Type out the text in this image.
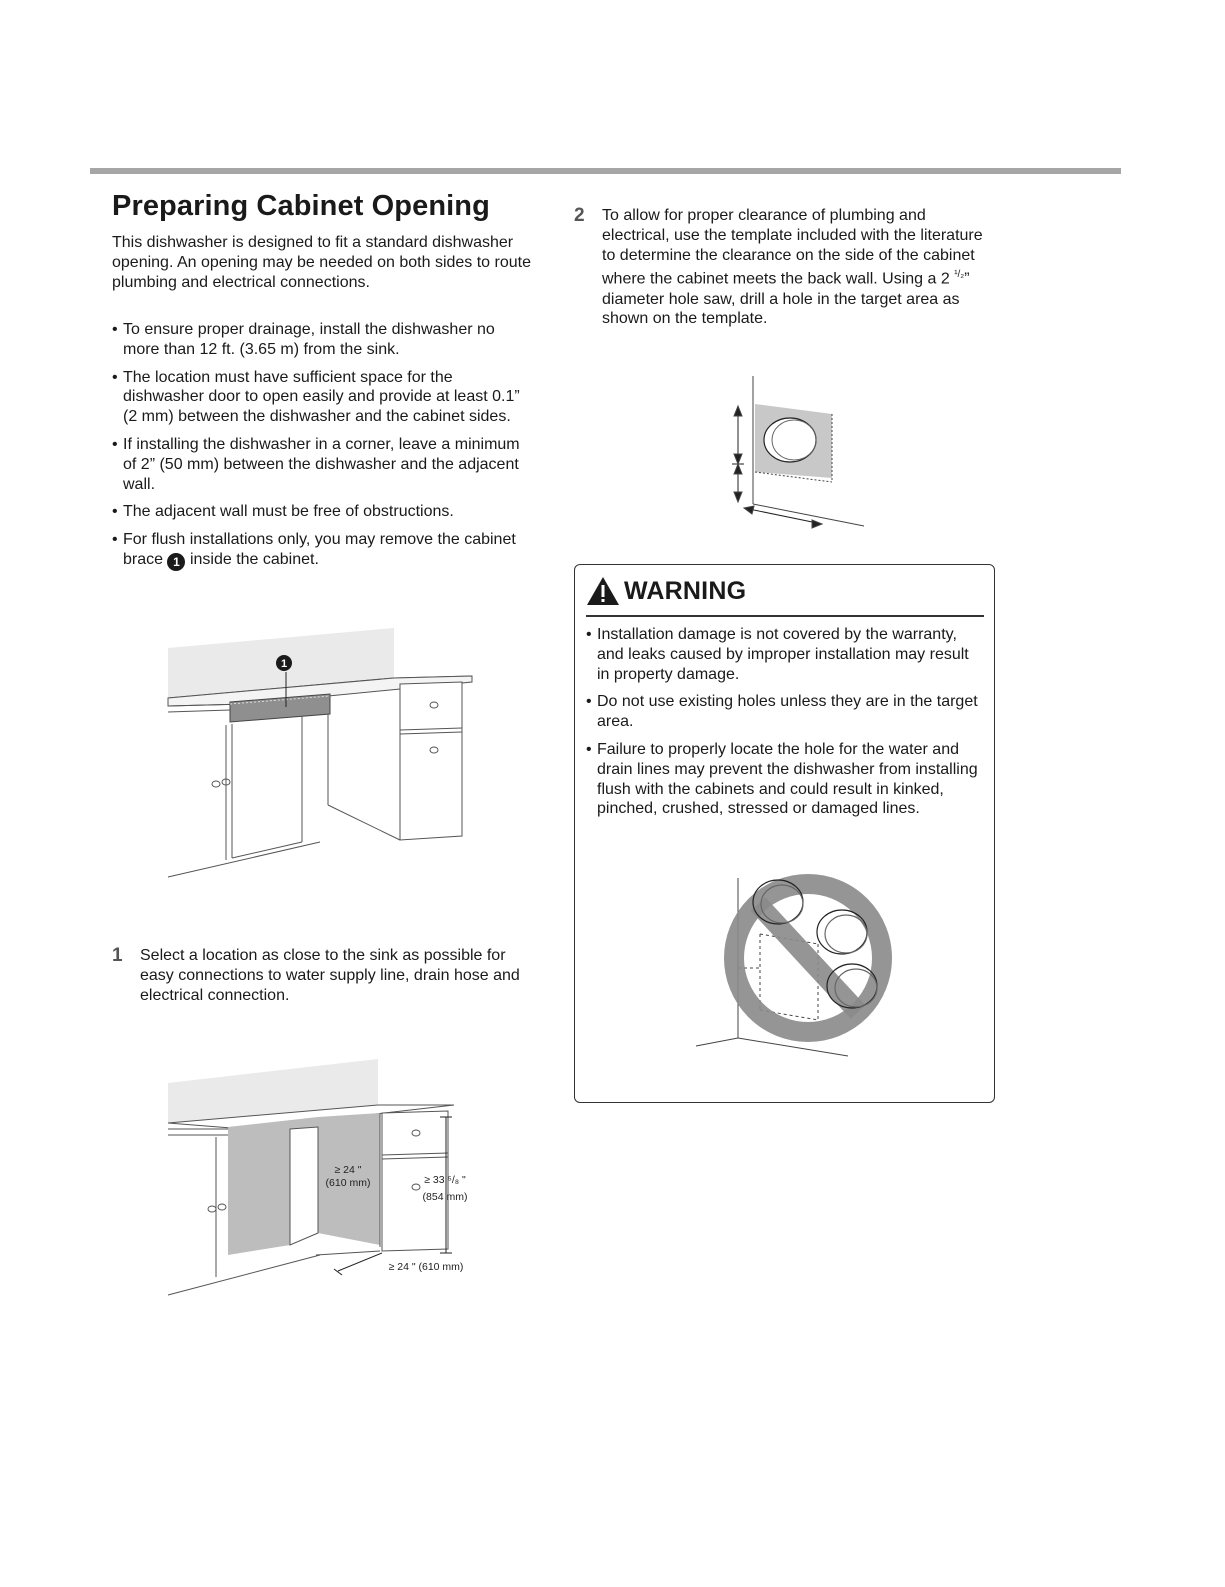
Preparing Cabinet Opening

This dishwasher is designed to fit a standard dishwasher opening. An opening may be needed on both sides to route plumbing and electrical connections.

• To ensure proper drainage, install the dishwasher no more than 12 ft. (3.65 m) from the sink.
• The location must have sufficient space for the dishwasher door to open easily and provide at least 0.1” (2 mm) between the dishwasher and the cabinet sides.
• If installing the dishwasher in a corner, leave a minimum of 2” (50 mm) between the dishwasher and the adjacent wall.
• The adjacent wall must be free of obstructions.
• For flush installations only, you may remove the cabinet brace 1 inside the cabinet.
1
1	Select a location as close to the sink as possible for easy connections to water supply line, drain hose and electrical connection.

≥ 24 "
(610 mm)	≥ 33 ⁵/₈ "
(854 mm)
≥ 24 " (610 mm)
2	To allow for proper clearance of plumbing and electrical, use the template included with the literature to determine the clearance on the side of the cabinet where the cabinet meets the back wall. Using a 2 $^{^1/_2}$” diameter hole saw, drill a hole in the target area as shown on the template.

WARNING
• Installation damage is not covered by the warranty, and leaks caused by improper installation may result in property damage.
• Do not use existing holes unless they are in the target area.
• Failure to properly locate the hole for the water and drain lines may prevent the dishwasher from installing flush with the cabinets and could result in kinked, pinched, crushed, stressed or damaged lines.
